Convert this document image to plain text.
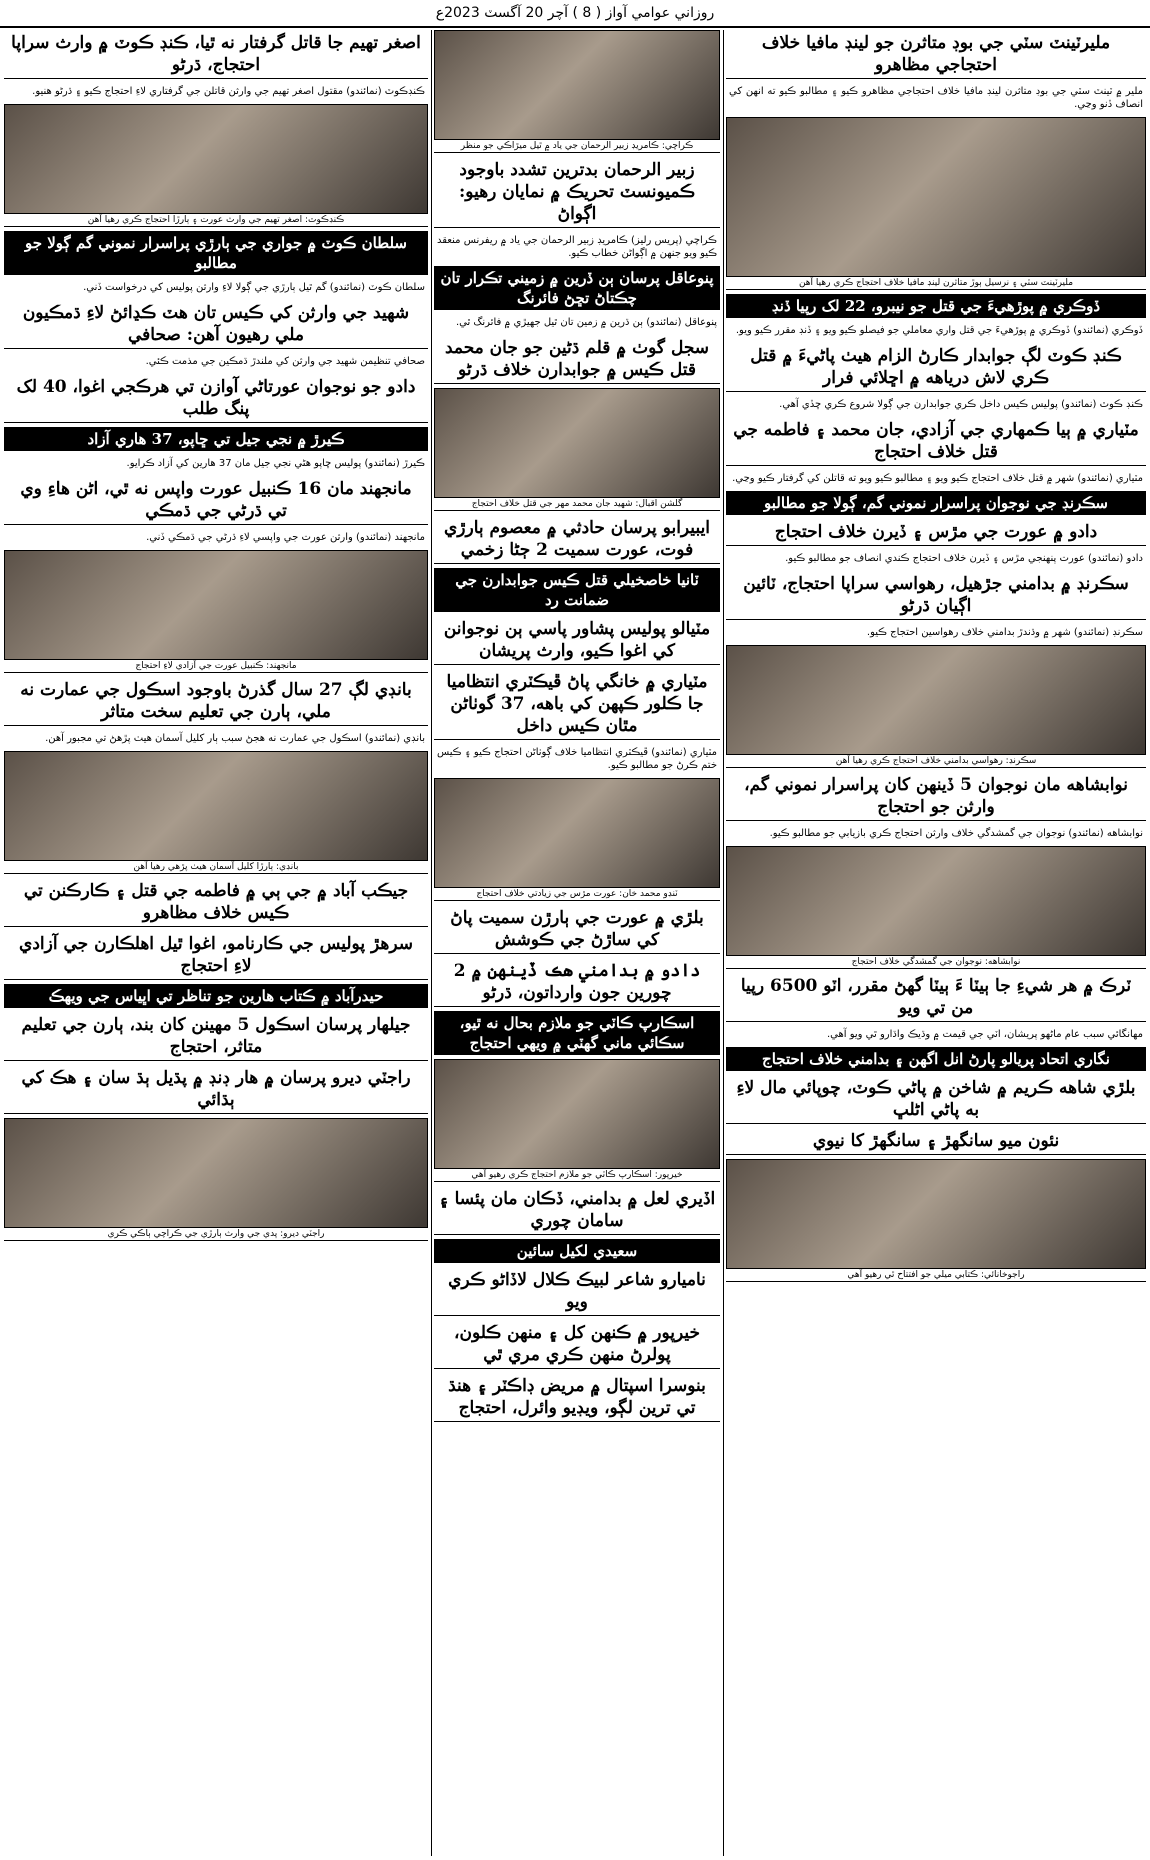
روزاني عوامي آواز ( 8 ) آچر 20 آگسٽ 2023ع
مليرٽينٽ سٽي جي بوڊ متاثرن جو لينڊ مافيا خلاف احتجاجي مظاهرو
ملير ۾ ٽينٽ سٽي جي بوڊ متاثرن لينڊ مافيا خلاف احتجاجي مظاهرو ڪيو ۽ مطالبو ڪيو ته انهن کي انصاف ڏنو وڃي.
مليرٽينٽ سٽي ۽ نرسيل ٻوڙ متاثرن لينڊ مافيا خلاف احتجاج ڪري رهيا آهن
ڏوڪري ۾ پوڙهيءَ جي قتل جو نيبرو، 22 لک رپيا ڏنڊ
ڏوڪري (نمائندو) ڏوڪري ۾ پوڙهيءَ جي قتل واري معاملي جو فيصلو ڪيو ويو ۽ ڏنڊ مقرر ڪيو ويو.
ڪنڊ ڪوٽ لڳ جوابدار ڪارڻ الزام هيٺ پاڻيءَ ۾ قتل ڪري لاش درياهه ۾ اڇلائي فرار
ڪنڊ ڪوٽ (نمائندو) پوليس ڪيس داخل ڪري جوابدارن جي ڳولا شروع ڪري ڇڏي آهي.
مٽياري ۾ ٻيا ڪمهاري جي آزادي، جان محمد ۽ فاطمه جي قتل خلاف احتجاج
مٽياري (نمائندو) شهر ۾ قتل خلاف احتجاج ڪيو ويو ۽ مطالبو ڪيو ويو ته قاتلن کي گرفتار ڪيو وڃي.
سڪرنڊ جي نوجوان پراسرار نموني گم، ڳولا جو مطالبو
دادو ۾ عورت جي مڙس ۽ ڏيرن خلاف احتجاج
دادو (نمائندو) عورت پنهنجي مڙس ۽ ڏيرن خلاف احتجاج ڪندي انصاف جو مطالبو ڪيو.
سڪرنڊ ۾ بدامني جڙهيل، رهواسي سراپا احتجاج، ٽائين اڳيان ڌرڻو
سڪرنڊ (نمائندو) شهر ۾ وڌندڙ بدامني خلاف رهواسين احتجاج ڪيو.
سڪرنڊ: رهواسي بدامني خلاف احتجاج ڪري رهيا آهن
نوابشاهه مان نوجوان 5 ڏينهن کان پراسرار نموني گم، وارثن جو احتجاج
نوابشاهه (نمائندو) نوجوان جي گمشدگي خلاف وارثن احتجاج ڪري بازيابي جو مطالبو ڪيو.
نوابشاهه: نوجوان جي گمشدگي خلاف احتجاج
ٽرڪ ۾ هر شيءِ جا ٻيٽا ءَ ٻيٽا گهڻ مقرر، اٽو 6500 رپيا من تي ويو
مهانگائي سبب عام ماڻهو پريشان، اٽي جي قيمت ۾ وڌيڪ واڌارو ٿي ويو آهي.
نگاري اتحاد پريالو پارڻ انل اگهن ۽ بدامني خلاف احتجاج
بلڙي شاهه ڪريم ۾ شاخن ۾ پاڻي ڪوٽ، چوپائي مال لاءِ به پاڻي اڻلڀ
نئون ميو سانگهڙ ۽ سانگهڙ کا نيوي
راجوخانائي: ڪتابي ميلي جو افتتاح ٿي رهيو آهي
ڪراچي: ڪامريڊ زبير الرحمان جي ياد ۾ ٿيل ميڙاڪي جو منظر
زبير الرحمان بدترين تشدد باوجود ڪميونسٽ تحريڪ ۾ نمايان رهيو: اڳواڻ
ڪراچي (پريس رليز) ڪامريڊ زبير الرحمان جي ياد ۾ ريفرنس منعقد ڪيو ويو جنهن ۾ اڳواڻن خطاب ڪيو.
پنوعاقل پرسان ٻن ڏرين ۾ زميني تڪرار تان چڪتاڻ تڇڻ فائرنگ
پنوعاقل (نمائندو) ٻن ڌرين ۾ زمين تان ٿيل جهيڙي ۾ فائرنگ ٿي.
سجل گوٺ ۾ قلم ڌڻين جو جان محمد قتل ڪيس ۾ جوابدارن خلاف ڌرڻو
گلشن اقبال: شهيد جان محمد مهر جي قتل خلاف احتجاج
ايبيرابو پرسان حادثي ۾ معصوم ٻارڙي فوت، عورت سميت 2 ڄڻا زخمي
ٽانيا خاصخيلي قتل ڪيس جوابدارن جي ضمانت رد
مٽيالو پوليس پشاور پاسي ٻن نوجوانن کي اغوا ڪيو، وارث پريشان
مٽياري ۾ خانگي پاڻ ڦيڪٽري انتظاميا جا ڪلور ڪپهن کي باهه، 37 گوٺاڻن مٿان ڪيس داخل
مٽياري (نمائندو) ڦيڪٽري انتظاميا خلاف ڳوٺاڻن احتجاج ڪيو ۽ ڪيس ختم ڪرڻ جو مطالبو ڪيو.
ٽنڊو محمد خان: عورت مڙس جي زيادتي خلاف احتجاج
بلڙي ۾ عورت جي ٻارڙن سميت پاڻ کي ساڙڻ جي ڪوشش
دادو ۾ بدامني هڪ ڏينهن ۾ 2 چورين جون وارداتون، ڌرڻو
اسڪارپ ڪاٽي جو ملازم بحال نه ٿيو، سڪائي ماني گهٽي ۾ ويهي احتجاج
خيرپور: اسڪارپ ڪاٽي جو ملازم احتجاج ڪري رهيو آهي
اڏيري لعل ۾ بدامني، ڏڪان مان پئسا ۽ سامان چوري
سعيدي لکيل سائين
ناميارو شاعر لبيڪ ڪلال لاڏاڻو ڪري ويو
خيرپور ۾ ڪنهن کل ۽ منهن ڪلون، پولرڻ منهن ڪري مري ٿي
بنوسرا اسپتال ۾ مريض ڊاڪٽر ۽ هنڌ تي ترين لڳو، ويڊيو وائرل، احتجاج
اصغر تهيم جا قاتل گرفتار نه ٿيا، ڪنڊ ڪوٽ ۾ وارث سراپا احتجاج، ڌرڻو
ڪنڊڪوٽ (نمائندو) مقتول اصغر تهيم جي وارثن قاتلن جي گرفتاري لاءِ احتجاج ڪيو ۽ ڌرڻو هنيو.
ڪنڊڪوٽ: اصغر تهيم جي وارث عورت ۽ ٻارڙا احتجاج ڪري رهيا آهن
سلطان ڪوٽ ۾ جواري جي ٻارڙي پراسرار نموني گم ڳولا جو مطالبو
سلطان ڪوٽ (نمائندو) گم ٿيل ٻارڙي جي ڳولا لاءِ وارثن پوليس کي درخواست ڏني.
شهيد جي وارثن کي ڪيس تان هٽ ڪڍائڻ لاءِ ڌمڪيون ملي رهيون آهن: صحافي
صحافي تنظيمن شهيد جي وارثن کي ملندڙ ڌمڪين جي مذمت ڪئي.
دادو جو نوجوان عورتاڻي آوازن تي هرڪجي اغوا، 40 لک پنگ طلب
ڪيرڙ ۾ نجي جيل تي ڇاپو، 37 هاري آزاد
ڪيرڙ (نمائندو) پوليس ڇاپو هڻي نجي جيل مان 37 هارين کي آزاد ڪرايو.
مانجهند مان 16 ڪنبيل عورت واپس نه ٿي، اڻن هاءِ وي تي ڌرڻي جي ڌمڪي
مانجهند (نمائندو) وارثن عورت جي واپسي لاءِ ڌرڻي جي ڌمڪي ڏني.
مانجهند: ڪنبيل عورت جي آزادي لاءِ احتجاج
بانڊي لڳ 27 سال گذرڻ باوجود اسڪول جي عمارت نه ملي، ٻارن جي تعليم سخت متاثر
بانڊي (نمائندو) اسڪول جي عمارت نه هجڻ سبب ٻار کليل آسمان هيٺ پڙهڻ تي مجبور آهن.
بانڊي: ٻارڙا کليل آسمان هيٺ پڙهي رهيا آهن
جيڪب آباد ۾ جي ٻي ۾ فاطمه جي قتل ۽ ڪارڪنن تي ڪيس خلاف مظاهرو
سرهڙ پوليس جي ڪارنامو، اغوا ٿيل اهلڪارن جي آزادي لاءِ احتجاج
حيدرآباد ۾ ڪتاب هارين جو تناظر تي اڀياس جي ويهڪ
جيلهار پرسان اسڪول 5 مهينن کان بند، ٻارن جي تعليم متاثر، احتجاج
راجٽي ديرو پرسان ۾ هار ڊنڊ ۾ پڌيل ٻڌ سان ۽ هڪ کي ٻڌائي
راجٽي ديرو: پدي جي وارث ٻارڙي جي ڪراچي ٻاڪي ڪري
